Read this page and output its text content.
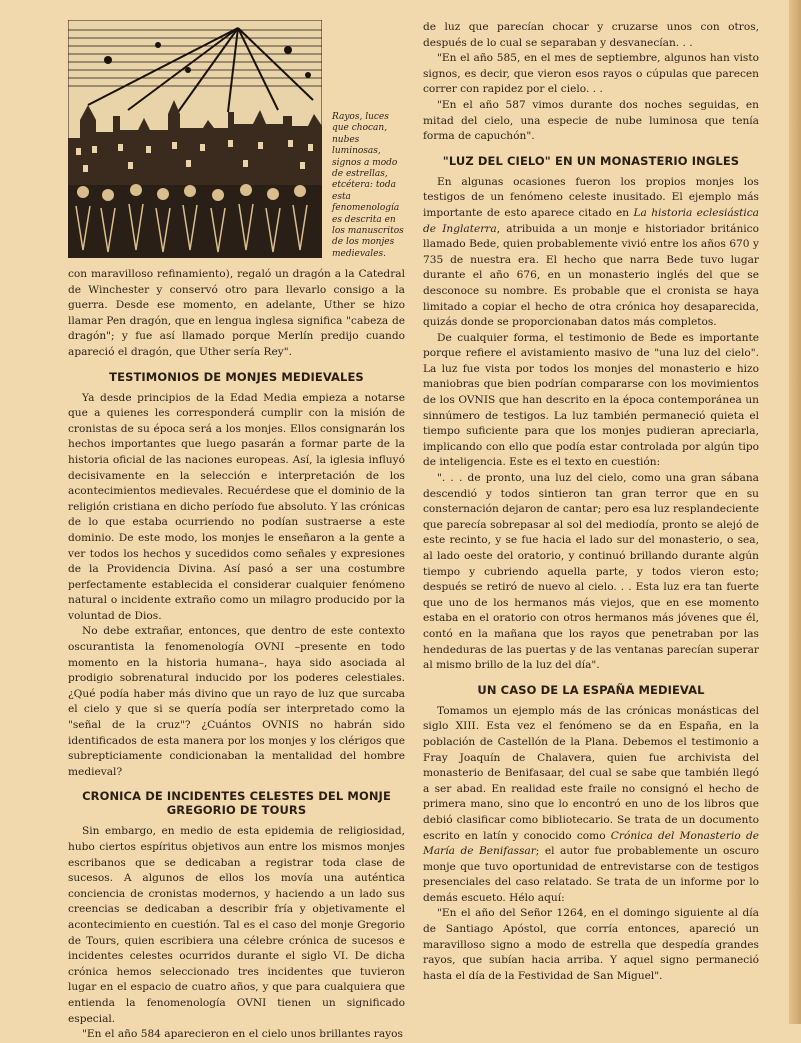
Rayos, luces que chocan, nubes luminosas, signos a modo de estrellas, etcétera: toda esta fenomenología es descrita en los manuscritos de los monjes medievales.

con maravilloso refinamiento), regaló un dragón a la Catedral de Winchester y conservó otro para llevarlo consigo a la guerra. Desde ese momento, en adelante, Uther se hizo llamar Pen dragón, que en lengua inglesa significa "cabeza de dragón"; y fue así llamado porque Merlín predijo cuando apareció el dragón, que Uther sería Rey".

TESTIMONIOS DE MONJES MEDIEVALES

Ya desde principios de la Edad Media empieza a notarse que a quienes les corresponderá cumplir con la misión de cronistas de su época será a los monjes. Ellos consignarán los hechos importantes que luego pasarán a formar parte de la historia oficial de las naciones europeas. Así, la iglesia influyó decisivamente en la selección e interpretación de los acontecimientos medievales. Recuérdese que el dominio de la religión cristiana en dicho período fue absoluto. Y las crónicas de lo que estaba ocurriendo no podían sustraerse a este dominio. De este modo, los monjes le enseñaron a la gente a ver todos los hechos y sucedidos como señales y expresiones de la Providencia Divina. Así pasó a ser una costumbre perfectamente establecida el considerar cualquier fenómeno natural o incidente extraño como un milagro producido por la voluntad de Dios.

No debe extrañar, entonces, que dentro de este contexto oscurantista la fenomenología OVNI –presente en todo momento en la historia humana–, haya sido asociada al prodigio sobrenatural inducido por los poderes celestiales. ¿Qué podía haber más divino que un rayo de luz que surcaba el cielo y que si se quería podía ser interpretado como la "señal de la cruz"? ¿Cuántos OVNIS no habrán sido identificados de esta manera por los monjes y los clérigos que subrepticiamente condicionaban la mentalidad del hombre medieval?

CRONICA DE INCIDENTES CELESTES DEL MONJE GREGORIO DE TOURS

Sin embargo, en medio de esta epidemia de religiosidad, hubo ciertos espíritus objetivos aun entre los mismos monjes escribanos que se dedicaban a registrar toda clase de sucesos. A algunos de ellos los movía una auténtica conciencia de cronistas modernos, y haciendo a un lado sus creencias se dedicaban a describir fría y objetivamente el acontecimiento en cuestión. Tal es el caso del monje Gregorio de Tours, quien escribiera una célebre crónica de sucesos e incidentes celestes ocurridos durante el siglo VI. De dicha crónica hemos seleccionado tres incidentes que tuvieron lugar en el espacio de cuatro años, y que para cualquiera que entienda la fenomenología OVNI tienen un significado especial.

"En el año 584 aparecieron en el cielo unos brillantes rayos

de luz que parecían chocar y cruzarse unos con otros, después de lo cual se separaban y desvanecían. . .

"En el año 585, en el mes de septiembre, algunos han visto signos, es decir, que vieron esos rayos o cúpulas que parecen correr con rapidez por el cielo. . .

"En el año 587 vimos durante dos noches seguidas, en mitad del cielo, una especie de nube luminosa que tenía forma de capuchón".

"LUZ DEL CIELO" EN UN MONASTERIO INGLES

En algunas ocasiones fueron los propios monjes los testigos de un fenómeno celeste inusitado. El ejemplo más importante de esto aparece citado en La historia eclesiástica de Inglaterra, atribuida a un monje e historiador británico llamado Bede, quien probablemente vivió entre los años 670 y 735 de nuestra era. El hecho que narra Bede tuvo lugar durante el año 676, en un monasterio inglés del que se desconoce su nombre. Es probable que el cronista se haya limitado a copiar el hecho de otra crónica hoy desaparecida, quizás donde se proporcionaban datos más completos.

De cualquier forma, el testimonio de Bede es importante porque refiere el avistamiento masivo de "una luz del cielo". La luz fue vista por todos los monjes del monasterio e hizo maniobras que bien podrían compararse con los movimientos de los OVNIS que han descrito en la época contemporánea un sinnúmero de testigos. La luz también permaneció quieta el tiempo suficiente para que los monjes pudieran apreciarla, implicando con ello que podía estar controlada por algún tipo de inteligencia. Este es el texto en cuestión:

". . . de pronto, una luz del cielo, como una gran sábana descendió y todos sintieron tan gran terror que en su consternación dejaron de cantar; pero esa luz resplandeciente que parecía sobrepasar al sol del mediodía, pronto se alejó de este recinto, y se fue hacia el lado sur del monasterio, o sea, al lado oeste del oratorio, y continuó brillando durante algún tiempo y cubriendo aquella parte, y todos vieron esto; después se retiró de nuevo al cielo. . . Esta luz era tan fuerte que uno de los hermanos más viejos, que en ese momento estaba en el oratorio con otros hermanos más jóvenes que él, contó en la mañana que los rayos que penetraban por las hendeduras de las puertas y de las ventanas parecían superar al mismo brillo de la luz del día".

UN CASO DE LA ESPAÑA MEDIEVAL

Tomamos un ejemplo más de las crónicas monásticas del siglo XIII. Esta vez el fenómeno se da en España, en la población de Castellón de la Plana. Debemos el testimonio a Fray Joaquín de Chalavera, quien fue archivista del monasterio de Benifasaar, del cual se sabe que también llegó a ser abad. En realidad este fraile no consignó el hecho de primera mano, sino que lo encontró en uno de los libros que debió clasificar como bibliotecario. Se trata de un documento escrito en latín y conocido como Crónica del Monasterio de María de Benifassar; el autor fue probablemente un oscuro monje que tuvo oportunidad de entrevistarse con de testigos presenciales del caso relatado. Se trata de un informe por lo demás escueto. Hélo aquí:

"En el año del Señor 1264, en el domingo siguiente al día de Santiago Apóstol, que corría entonces, apareció un maravilloso signo a modo de estrella que despedía grandes rayos, que subían hacia arriba. Y aquel signo permaneció hasta el día de la Festividad de San Miguel".
